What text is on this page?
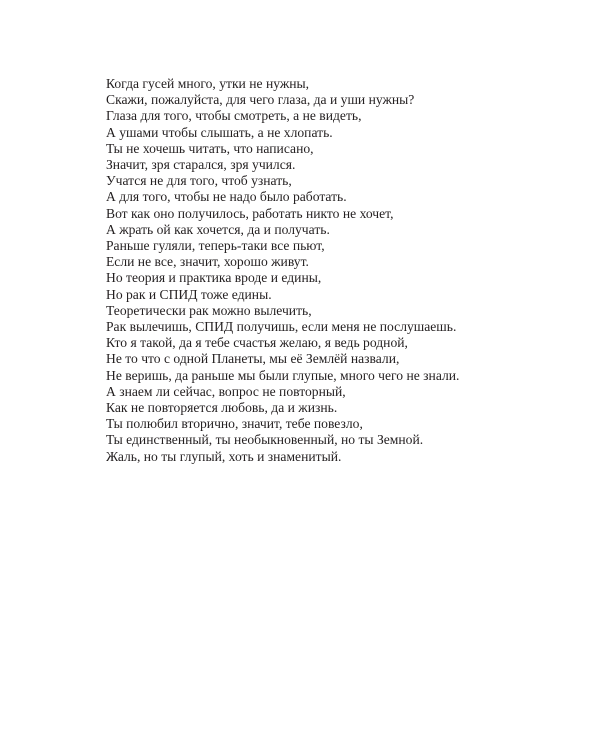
Когда гусей много, утки не нужны,
Скажи, пожалуйста, для чего глаза, да и уши нужны?
Глаза для того, чтобы смотреть, а не видеть,
А ушами чтобы слышать, а не хлопать.
Ты не хочешь читать, что написано,
Значит, зря старался, зря учился.
Учатся не для того, чтоб узнать,
А для того, чтобы не надо было работать.
Вот как оно получилось, работать никто не хочет,
А жрать ой как хочется, да и получать.
Раньше гуляли, теперь-таки все пьют,
Если не все, значит, хорошо живут.
Но теория и практика вроде и едины,
Но рак и СПИД тоже едины.
Теоретически рак можно вылечить,
Рак вылечишь, СПИД получишь, если меня не послушаешь.
Кто я такой, да я тебе счастья желаю, я ведь родной,
Не то что с одной Планеты, мы её Землёй назвали,
Не веришь, да раньше мы были глупые, много чего не знали.
А знаем ли сейчас, вопрос не повторный,
Как не повторяется любовь, да и жизнь.
Ты полюбил вторично, значит, тебе повезло,
Ты единственный, ты необыкновенный, но ты Земной.
Жаль, но ты глупый, хоть и знаменитый.
